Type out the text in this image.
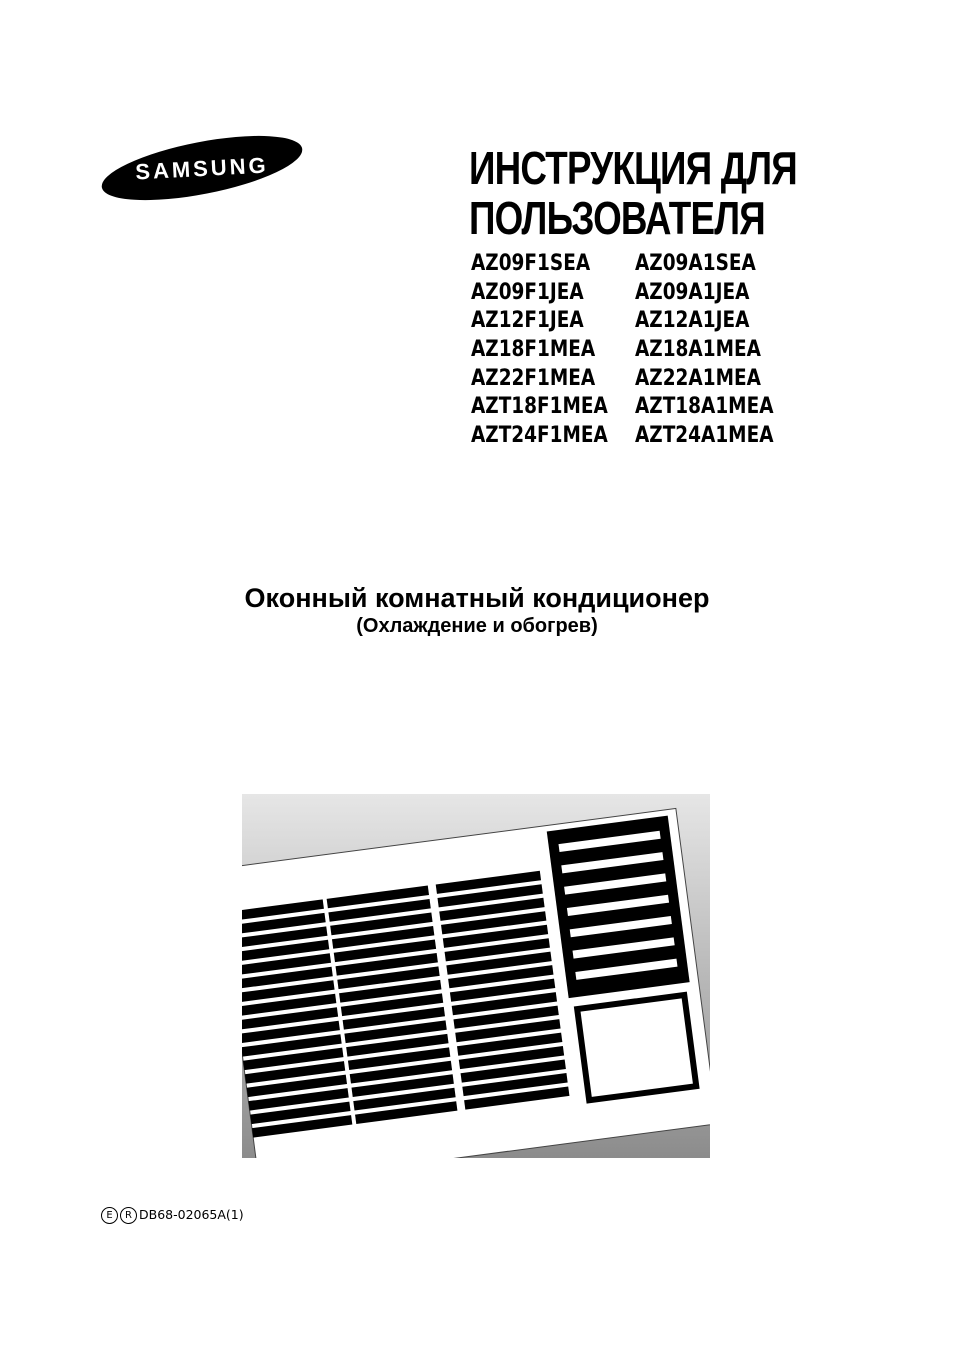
SAMSUNG	ИНСТРУКЦИЯ ДЛЯ
ПОЛЬЗОВАТЕЛЯ
AZ09F1SEA
AZ09F1JEA
AZ12F1JEA
AZ18F1MEA
AZ22F1MEA
AZT18F1MEA
AZT24F1MEA
AZ09A1SEA
AZ09A1JEA
AZ12A1JEA
AZ18A1MEA
AZ22A1MEA
AZT18A1MEA
AZT24A1MEA
Оконный комнатный кондиционер
(Охлаждение и обогрев)
E	R DB68-02065A(1)
